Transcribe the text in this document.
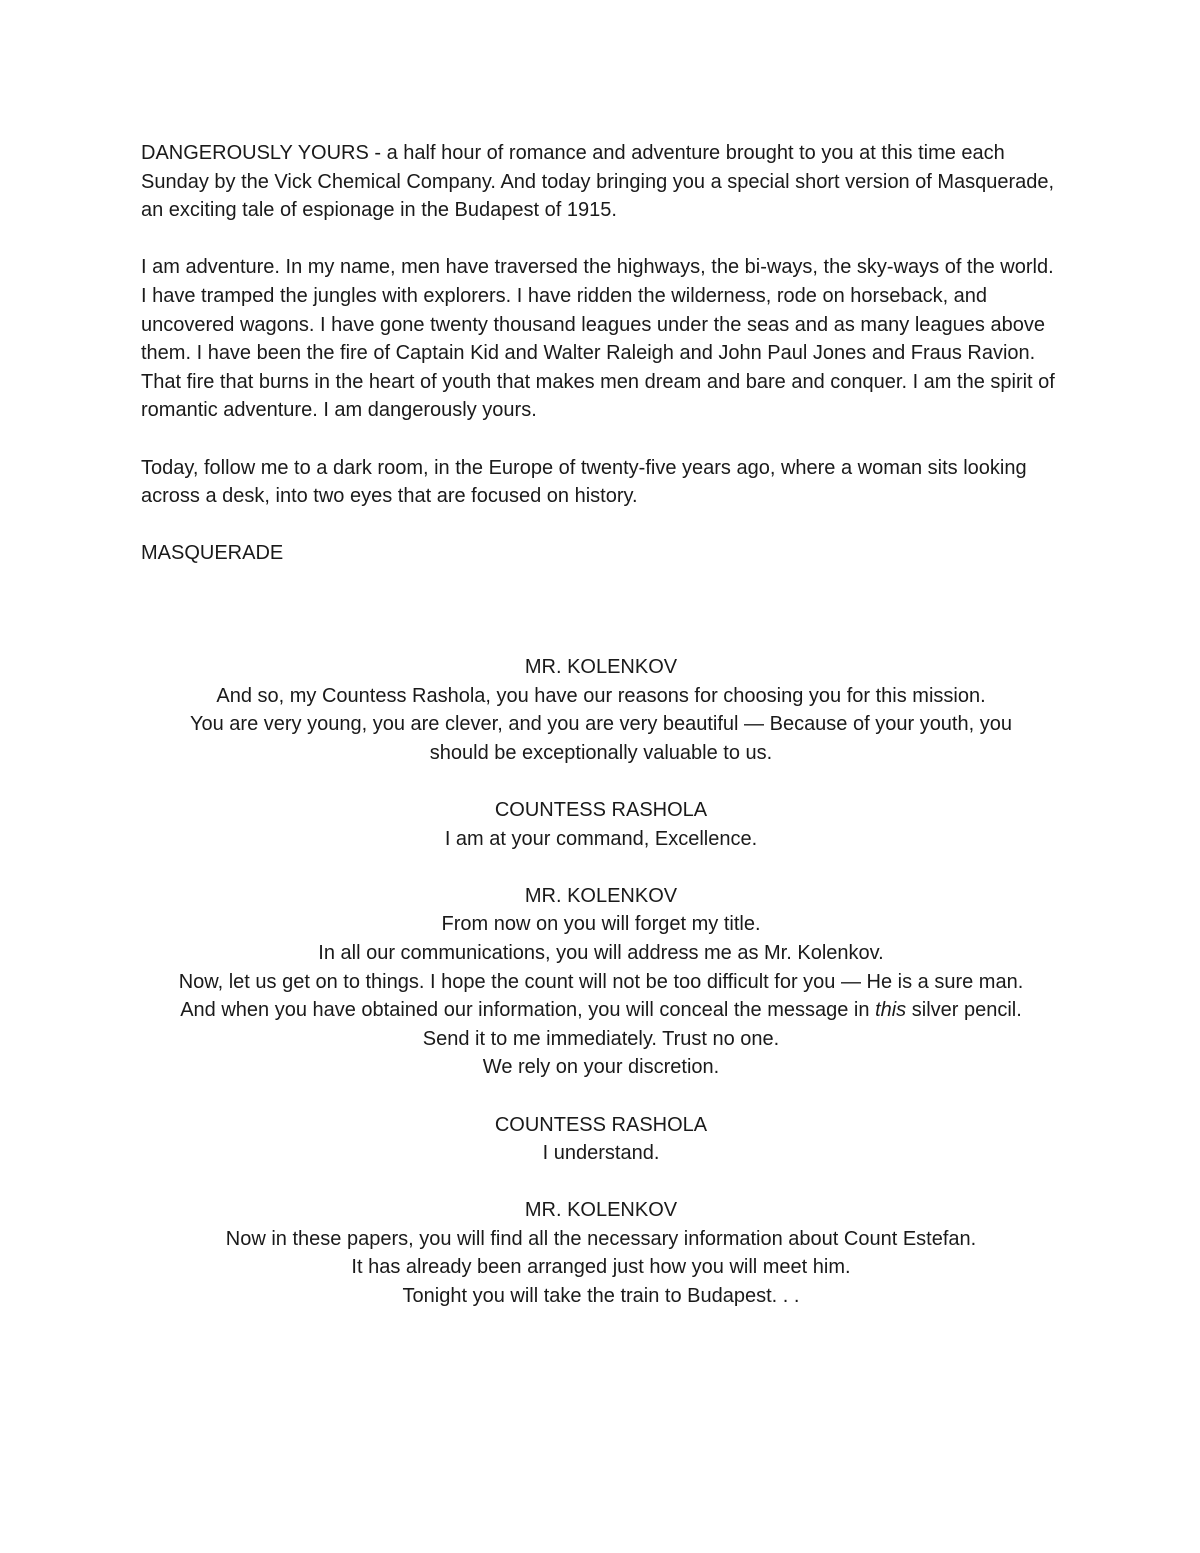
DANGEROUSLY YOURS - a half hour of romance and adventure brought to you at this time each Sunday by the Vick Chemical Company. And today bringing you a special short version of Masquerade, an exciting tale of espionage in the Budapest of 1915.

I am adventure. In my name, men have traversed the highways, the bi-ways, the sky-ways of the world. I have tramped the jungles with explorers. I have ridden the wilderness, rode on horseback, and uncovered wagons. I have gone twenty thousand leagues under the seas and as many leagues above them. I have been the fire of Captain Kid and Walter Raleigh and John Paul Jones and Fraus Ravion. That fire that burns in the heart of youth that makes men dream and bare and conquer. I am the spirit of romantic adventure. I am dangerously yours.

Today, follow me to a dark room, in the Europe of twenty-five years ago, where a woman sits looking across a desk, into two eyes that are focused on history.

MASQUERADE

MR. KOLENKOV
And so, my Countess Rashola, you have our reasons for choosing you for this mission.
You are very young, you are clever, and you are very beautiful — Because of your youth, you
should be exceptionally valuable to us.
COUNTESS RASHOLA
I am at your command, Excellence.
MR. KOLENKOV
From now on you will forget my title.
In all our communications, you will address me as Mr. Kolenkov.
Now, let us get on to things. I hope the count will not be too difficult for you — He is a sure man.
And when you have obtained our information, you will conceal the message in this silver pencil.
Send it to me immediately. Trust no one.
We rely on your discretion.
COUNTESS RASHOLA
I understand.
MR. KOLENKOV
Now in these papers, you will find all the necessary information about Count Estefan.
It has already been arranged just how you will meet him.
Tonight you will take the train to Budapest. . .
